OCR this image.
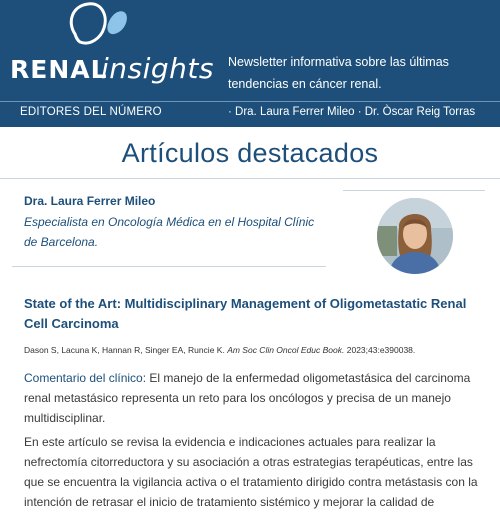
RENAL
insights Newsletter informativa sobre las últimas tendencias en cáncer renal.
EDITORES DEL NÚMERO	· Dra. Laura Ferrer Mileo · Dr. Òscar Reig Torras
Artículos destacados
Dra. Laura Ferrer Mileo
Especialista en Oncología Médica en el Hospital Clínic de Barcelona.
State of the Art: Multidisciplinary Management of Oligometastatic Renal Cell Carcinoma
Dason S, Lacuna K, Hannan R, Singer EA, Runcie K. Am Soc Clin Oncol Educ Book. 2023;43:e390038.
Comentario del clínico: El manejo de la enfermedad oligometastásica del carcinoma renal metastásico representa un reto para los oncólogos y precisa de un manejo multidisciplinar.
En este artículo se revisa la evidencia e indicaciones actuales para realizar la nefrectomía citorreductora y su asociación a otras estrategias terapéuticas, entre las que se encuentra la vigilancia activa o el tratamiento dirigido contra metástasis con la intención de retrasar el inicio de tratamiento sistémico y mejorar la calidad de
